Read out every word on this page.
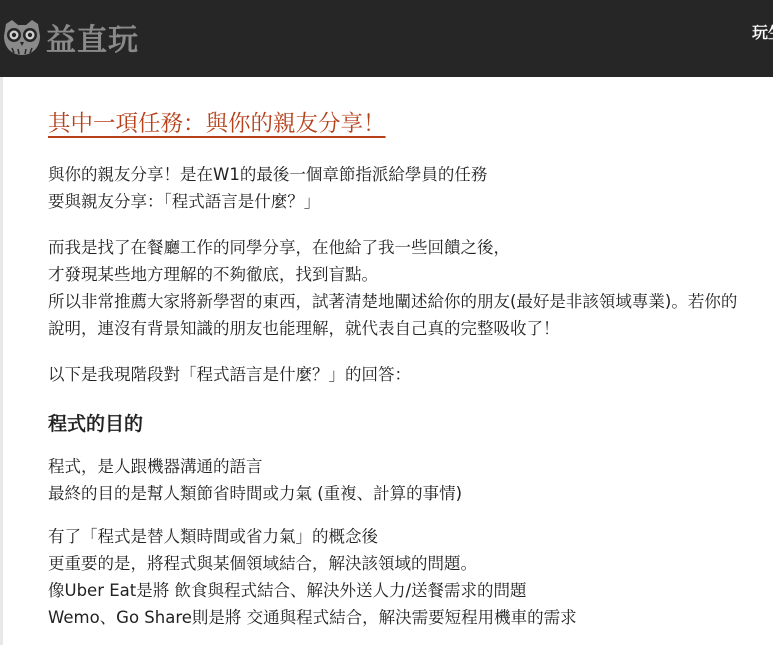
益直玩	玩生
其中一項任務：與你的親友分享！

與你的親友分享！是在W1的最後一個章節指派給學員的任務
要與親友分享：「程式語言是什麼？」

而我是找了在餐廳工作的同學分享，在他給了我一些回饋之後，
才發現某些地方理解的不夠徹底，找到盲點。
所以非常推薦大家將新學習的東西，試著清楚地闡述給你的朋友(最好是非該領域專業)。若你的說明，連沒有背景知識的朋友也能理解，就代表自己真的完整吸收了！

以下是我現階段對「程式語言是什麼？」的回答：

程式的目的

程式，是人跟機器溝通的語言
最終的目的是幫人類節省時間或力氣 (重複、計算的事情)

有了「程式是替人類時間或省力氣」的概念後
更重要的是，將程式與某個領域結合，解決該領域的問題。
像Uber Eat是將 飲食與程式結合、解決外送人力/送餐需求的問題
Wemo、Go Share則是將 交通與程式結合，解決需要短程用機車的需求
